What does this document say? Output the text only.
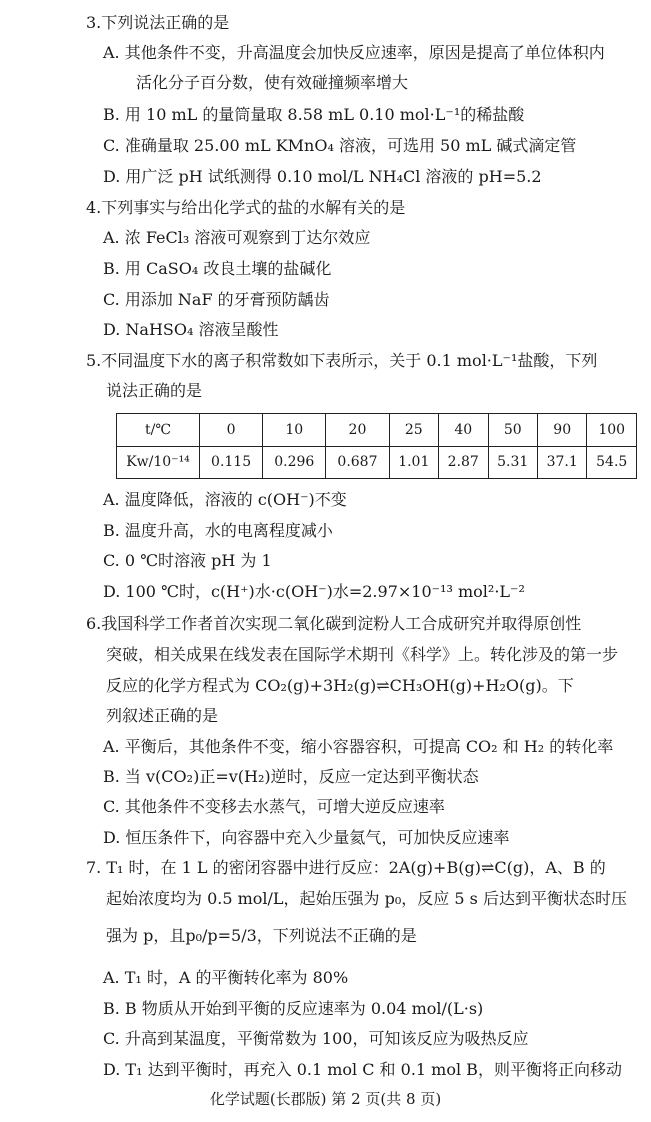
3.下列说法正确的是
A. 其他条件不变，升高温度会加快反应速率，原因是提高了单位体积内
活化分子百分数，使有效碰撞频率增大
B. 用 10 mL 的量筒量取 8.58 mL 0.10 mol·L⁻¹的稀盐酸
C. 准确量取 25.00 mL KMnO₄ 溶液，可选用 50 mL 碱式滴定管
D. 用广泛 pH 试纸测得 0.10 mol/L NH₄Cl 溶液的 pH=5.2
4.下列事实与给出化学式的盐的水解有关的是
A. 浓 FeCl₃ 溶液可观察到丁达尔效应
B. 用 CaSO₄ 改良土壤的盐碱化
C. 用添加 NaF 的牙膏预防龋齿
D. NaHSO₄ 溶液呈酸性
5.不同温度下水的离子积常数如下表所示，关于 0.1 mol·L⁻¹盐酸，下列
说法正确的是
t/℃	0	10	20	25	40	50	90	100
Kw/10⁻¹⁴	0.115	0.296	0.687	1.01	2.87	5.31	37.1	54.5
A. 温度降低，溶液的 c(OH⁻)不变
B. 温度升高，水的电离程度减小
C. 0 ℃时溶液 pH 为 1
D. 100 ℃时，c(H⁺)水·c(OH⁻)水=2.97×10⁻¹³ mol²·L⁻²
6.我国科学工作者首次实现二氧化碳到淀粉人工合成研究并取得原创性
突破，相关成果在线发表在国际学术期刊《科学》上。转化涉及的第一步
反应的化学方程式为 CO₂(g)+3H₂(g)⇌CH₃OH(g)+H₂O(g)。下
列叙述正确的是
A. 平衡后，其他条件不变，缩小容器容积，可提高 CO₂ 和 H₂ 的转化率
B. 当 v(CO₂)正=v(H₂)逆时，反应一定达到平衡状态
C. 其他条件不变移去水蒸气，可增大逆反应速率
D. 恒压条件下，向容器中充入少量氦气，可加快反应速率
7. T₁ 时，在 1 L 的密闭容器中进行反应：2A(g)+B(g)⇌C(g)，A、B 的
起始浓度均为 0.5 mol/L，起始压强为 p₀，反应 5 s 后达到平衡状态时压
强为 p，且p₀/p=5/3，下列说法不正确的是
A. T₁ 时，A 的平衡转化率为 80%
B. B 物质从开始到平衡的反应速率为 0.04 mol/(L·s)
C. 升高到某温度，平衡常数为 100，可知该反应为吸热反应
D. T₁ 达到平衡时，再充入 0.1 mol C 和 0.1 mol B，则平衡将正向移动
化学试题(长郡版) 第 2 页(共 8 页)
